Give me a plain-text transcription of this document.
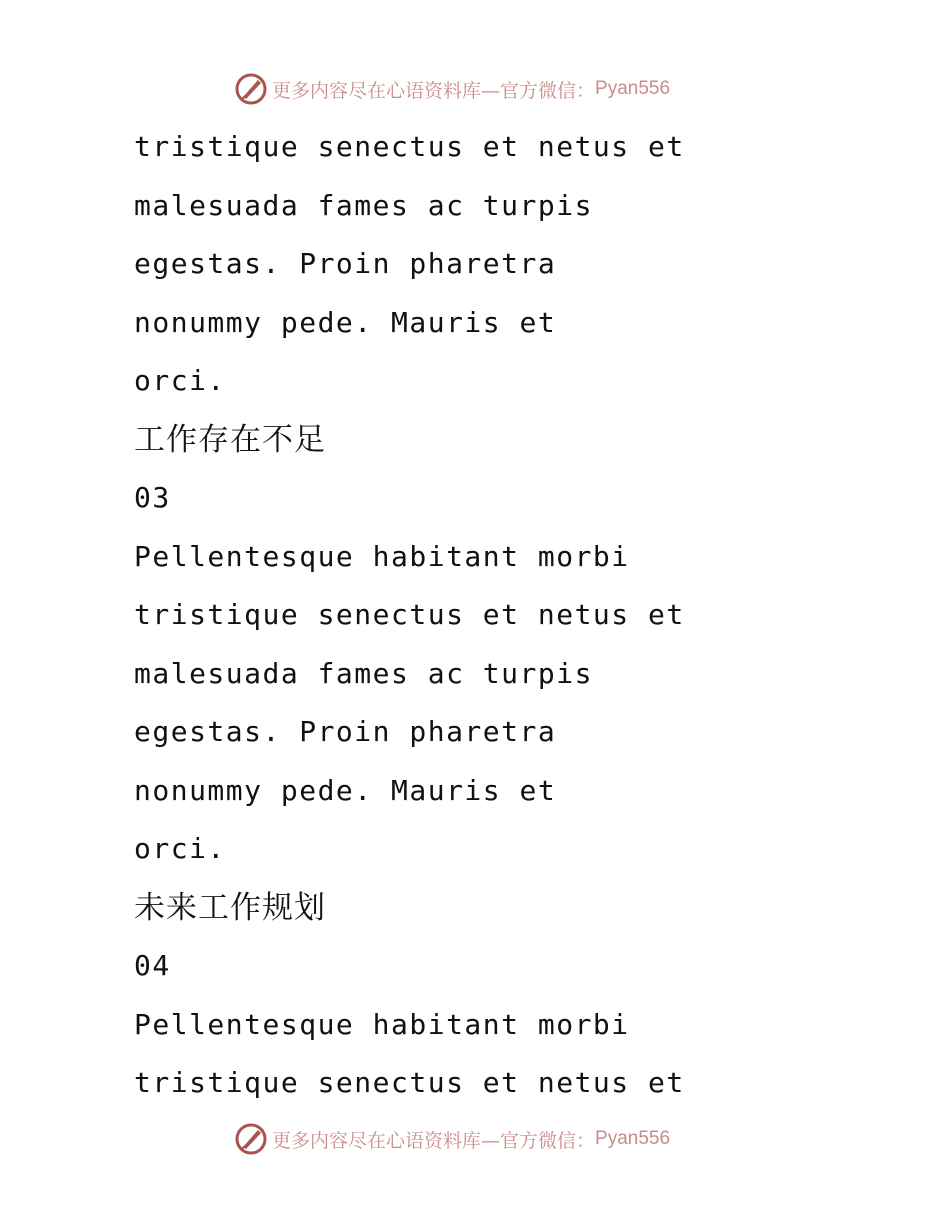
更多内容尽在心语资料库—官方微信： Pyan556
tristique senectus et netus et
malesuada fames ac turpis
egestas. Proin pharetra
nonummy pede. Mauris et
orci.
工作存在不足
03
Pellentesque habitant morbi
tristique senectus et netus et
malesuada fames ac turpis
egestas. Proin pharetra
nonummy pede. Mauris et
orci.
未来工作规划
04
Pellentesque habitant morbi
tristique senectus et netus et
更多内容尽在心语资料库—官方微信： Pyan556
